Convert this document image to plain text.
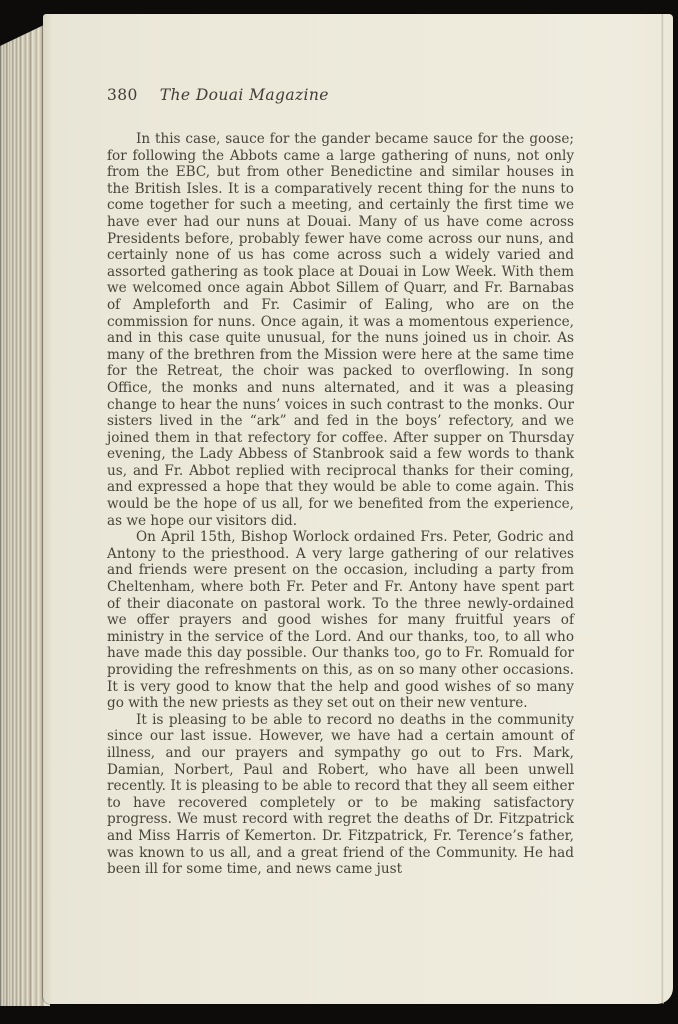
380 The Douai Magazine

In this case, sauce for the gander became sauce for the goose; for following the Abbots came a large gathering of nuns, not only from the EBC, but from other Benedictine and similar houses in the British Isles. It is a comparatively recent thing for the nuns to come together for such a meeting, and certainly the first time we have ever had our nuns at Douai. Many of us have come across Presidents before, probably fewer have come across our nuns, and certainly none of us has come across such a widely varied and assorted gathering as took place at Douai in Low Week. With them we welcomed once again Abbot Sillem of Quarr, and Fr. Barnabas of Ampleforth and Fr. Casimir of Ealing, who are on the commission for nuns. Once again, it was a momentous experience, and in this case quite unusual, for the nuns joined us in choir. As many of the brethren from the Mission were here at the same time for the Retreat, the choir was packed to overflowing. In song Office, the monks and nuns alternated, and it was a pleasing change to hear the nuns’ voices in such contrast to the monks. Our sisters lived in the “ark” and fed in the boys’ refectory, and we joined them in that refectory for coffee. After supper on Thursday evening, the Lady Abbess of Stanbrook said a few words to thank us, and Fr. Abbot replied with reciprocal thanks for their coming, and expressed a hope that they would be able to come again. This would be the hope of us all, for we benefited from the experience, as we hope our visitors did.

On April 15th, Bishop Worlock ordained Frs. Peter, Godric and Antony to the priesthood. A very large gathering of our relatives and friends were present on the occasion, including a party from Cheltenham, where both Fr. Peter and Fr. Antony have spent part of their diaconate on pastoral work. To the three newly-ordained we offer prayers and good wishes for many fruitful years of ministry in the service of the Lord. And our thanks, too, to all who have made this day possible. Our thanks too, go to Fr. Romuald for providing the refreshments on this, as on so many other occasions. It is very good to know that the help and good wishes of so many go with the new priests as they set out on their new venture.

It is pleasing to be able to record no deaths in the community since our last issue. However, we have had a certain amount of illness, and our prayers and sympathy go out to Frs. Mark, Damian, Norbert, Paul and Robert, who have all been unwell recently. It is pleasing to be able to record that they all seem either to have recovered completely or to be making satisfactory progress. We must record with regret the deaths of Dr. Fitzpatrick and Miss Harris of Kemerton. Dr. Fitzpatrick, Fr. Terence’s father, was known to us all, and a great friend of the Community. He had been ill for some time, and news came just
